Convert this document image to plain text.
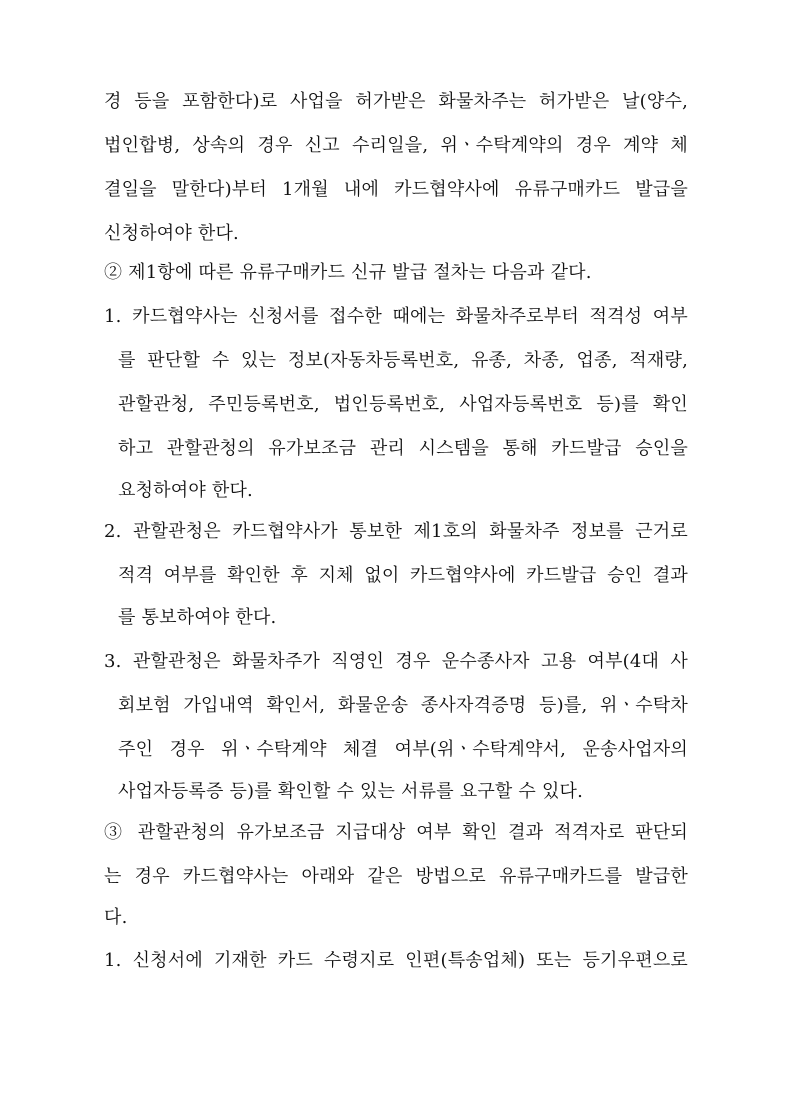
경 등을 포함한다)로 사업을 허가받은 화물차주는 허가받은 날(양수,
법인합병, 상속의 경우 신고 수리일을, 위ㆍ수탁계약의 경우 계약 체
결일을 말한다)부터 1개월 내에 카드협약사에 유류구매카드 발급을
신청하여야 한다.
② 제1항에 따른 유류구매카드 신규 발급 절차는 다음과 같다.
1. 카드협약사는 신청서를 접수한 때에는 화물차주로부터 적격성 여부
를 판단할 수 있는 정보(자동차등록번호, 유종, 차종, 업종, 적재량,
관할관청, 주민등록번호, 법인등록번호, 사업자등록번호 등)를 확인
하고 관할관청의 유가보조금 관리 시스템을 통해 카드발급 승인을
요청하여야 한다.
2. 관할관청은 카드협약사가 통보한 제1호의 화물차주 정보를 근거로
적격 여부를 확인한 후 지체 없이 카드협약사에 카드발급 승인 결과
를 통보하여야 한다.
3. 관할관청은 화물차주가 직영인 경우 운수종사자 고용 여부(4대 사
회보험 가입내역 확인서, 화물운송 종사자격증명 등)를, 위ㆍ수탁차
주인 경우 위ㆍ수탁계약 체결 여부(위ㆍ수탁계약서, 운송사업자의
사업자등록증 등)를 확인할 수 있는 서류를 요구할 수 있다.
③ 관할관청의 유가보조금 지급대상 여부 확인 결과 적격자로 판단되
는 경우 카드협약사는 아래와 같은 방법으로 유류구매카드를 발급한
다.
1. 신청서에 기재한 카드 수령지로 인편(특송업체) 또는 등기우편으로
